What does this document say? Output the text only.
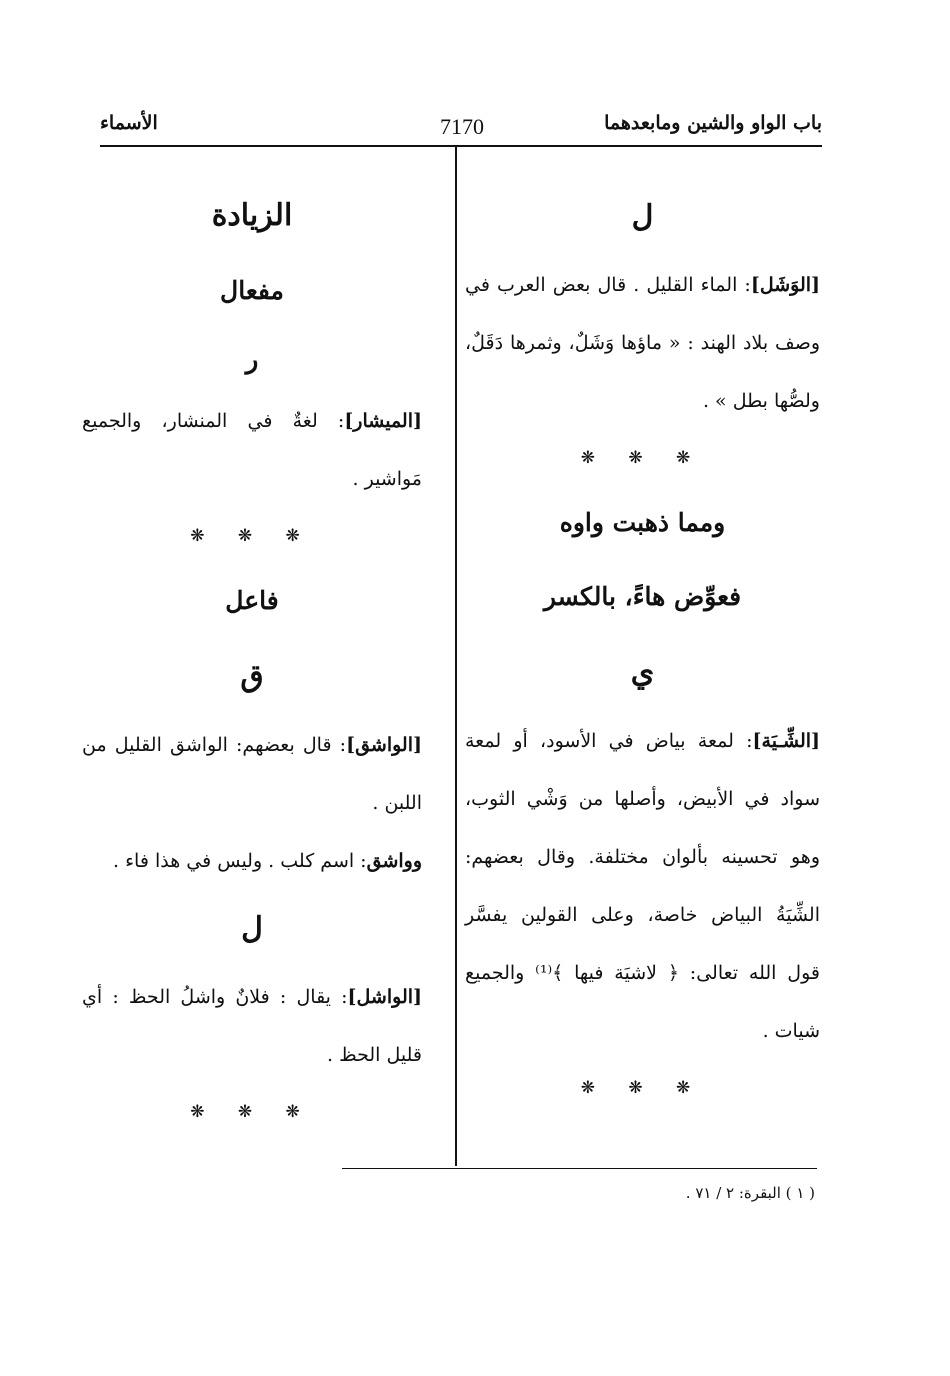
باب الواو والشين ومابعدهما
7170
الأسماء
ل
[الوَشَل]: الماء القليل . قال بعض العرب في وصف بلاد الهند : « ماؤها وَشَلٌ، وثمرها دَقَلٌ، ولصُّها بطل » .
❋ ❋ ❋
ومما ذهبت واوه
فعوِّض هاءً، بالكسر
ي
[الشِّـيَة]: لمعة بياض في الأسود، أو لمعة سواد في الأبيض، وأصلها من وَشْي الثوب، وهو تحسينه بألوان مختلفة. وقال بعضهم: الشِّيَةُ البياض خاصة، وعلى القولين يفسَّر قول الله تعالى: ﴿ لاشيَة فيها ﴾⁽¹⁾ والجميع شيات .
❋ ❋ ❋
الزيادة
مفعال
ر
[الميشار]: لغةٌ في المنشار، والجميع مَواشير .
❋ ❋ ❋
فاعل
ق
[الواشق]: قال بعضهم: الواشق القليل من اللبن .
وواشق: اسم كلب . وليس في هذا فاء .
ل
[الواشل]: يقال : فلانٌ واشلُ الحظ : أي قليل الحظ .
❋ ❋ ❋
( ١ ) البقرة: ٢ / ٧١ .
